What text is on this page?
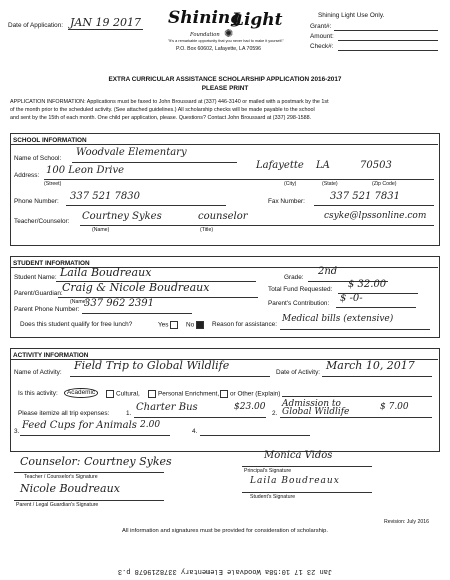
Date of Application: JAN 19 2017 Shining
Light
✺
Foundation
"It's a remarkable opportunity that you never had to make it yourself."
P.O. Box 60602, Lafayette, LA 70596
Shining Light Use Only.
Grant#:
Amount:
Check#:
EXTRA CURRICULAR ASSISTANCE SCHOLARSHIP APPLICATION 2016-2017
PLEASE PRINT
APPLICATION INFORMATION: Applications must be faxed to John Broussard at (337) 446-3140 or mailed with a postmark by the 1st
of the month prior to the scheduled activity. (See attached guidelines.) All scholarship checks will be made payable to the school
and sent by the 15th of each month. One child per application, please. Questions? Contact John Broussard at (337) 298-1588.
SCHOOL INFORMATION
Name of School:
Woodvale Elementary
Address: 100 Leon Drive	Lafayette LA	70503
(Street)	(City)	(State)	(Zip Code)
Phone Number: 337 521 7830	Fax Number:	337 521 7831
Teacher/Counselor: Courtney Sykes	counselor	csyke@lpssonline.com
(Name)	(Title)
STUDENT INFORMATION
Student Name: Laila Boudreaux	Grade:
2nd
Parent/Guardian: Craig & Nicole Boudreaux
(Name)
Total Fund Requested: $ 32.00
Parent Phone Number:
337 962 2391	Parent's Contribution: $ -0-
Does this student qualify for free lunch?	Yes	No	Reason for assistance:
Medical bills (extensive)
ACTIVITY INFORMATION
Name of Activity:
Field Trip to Global Wildlife
Date of Activity:
March 10, 2017
Is this activity:	Academic	Cultural,	Personal Enrichment,	or Other (Explain)
Please itemize all trip expenses:	1.
Charter Bus	$23.00
2.
Admission to Global Wildlife	$ 7.00
3.
Feed Cups for Animals 2.00
4.
Counselor: Courtney Sykes
Teacher / Counselor's Signature
Monica Vidos
Principal's Signature
Nicole Boudreaux
Parent / Legal Guardian's Signature
Laila Boudreaux
Student's Signature
All information and signatures must be provided for consideration of scholarship.
Revision: July 2016
Jan 23 17 10:58a Woodvale Elementary 3378219678 p.3
